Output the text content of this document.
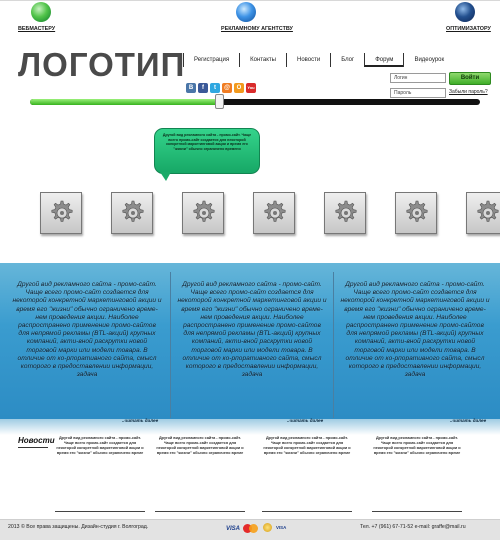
ВЕБМАСТЕРУ	РЕКЛАМНОМУ АГЕНТСТВУ	ОПТИМИЗАТОРУ
ЛОГОТИП	Регистрация	Контакты	Новости	Блог	Форум	Видеоурок
В	f	t	@	О	You
Логин
Пароль
Войти
Забыли пароль?
Другой вид рекламного сайта - промо-сайт. Чаще всего промо-сайт создается для некоторой конкретной маркетинговой акции и время его "жизни" обычно ограничено времени
Другой вид рекламного сайта - промо-сайт. Чаще всего промо-сайт создается для некоторой конкретной маркетинговой акции и время его "жизни" обычно ограничено време-нем проведения акции. Наиболее распространено применение промо-сайтов для непрямой рекламы (BTL-акций) крупных компаний, акти-вной раскрутки новой торговой марки или модели товара. В отличие от ко-рпоративного сайта, смысл которого в предоставлении информации, задача
Другой вид рекламного сайта - промо-сайт. Чаще всего промо-сайт создается для некоторой конкретной маркетинговой акции и время его "жизни" обычно ограничено време-нем проведения акции. Наиболее распространено применение промо-сайтов для непрямой рекламы (BTL-акций) крупных компаний, акти-вной раскрутки новой торговой марки или модели товара. В отличие от ко-рпоративного сайта, смысл которого в предоставлении информации, задача
Другой вид рекламного сайта - промо-сайт. Чаще всего промо-сайт создается для некоторой конкретной маркетинговой акции и время его "жизни" обычно ограничено време-нем проведения акции. Наиболее распространено применение промо-сайтов для непрямой рекламы (BTL-акций) крупных компаний, акти-вной раскрутки новой торговой марки или модели товара. В отличие от ко-рпоративного сайта, смысл которого в предоставлении информации, задача
..читать далее	..читать далее	..читать далее
Новости	Другой вид рекламного сайта - промо-сайт. Чаще всего промо-сайт создается для некоторой конкретной маркетинговой акции и время его "жизни" обычно ограничено време
Другой вид рекламного сайта - промо-сайт. Чаще всего промо-сайт создается для некоторой конкретной маркетинговой акции и время его "жизни" обычно ограничено време
Другой вид рекламного сайта - промо-сайт. Чаще всего промо-сайт создается для некоторой конкретной маркетинговой акции и время его "жизни" обычно ограничено време
Другой вид рекламного сайта - промо-сайт. Чаще всего промо-сайт создается для некоторой конкретной маркетинговой акции и время его "жизни" обычно ограничено време
2013 © Все права защищены. Дизайн-студия г. Волгоград.	VISA	VISA	Тел. +7 (961) 67-71-52 e-mail: graffe@mail.ru
